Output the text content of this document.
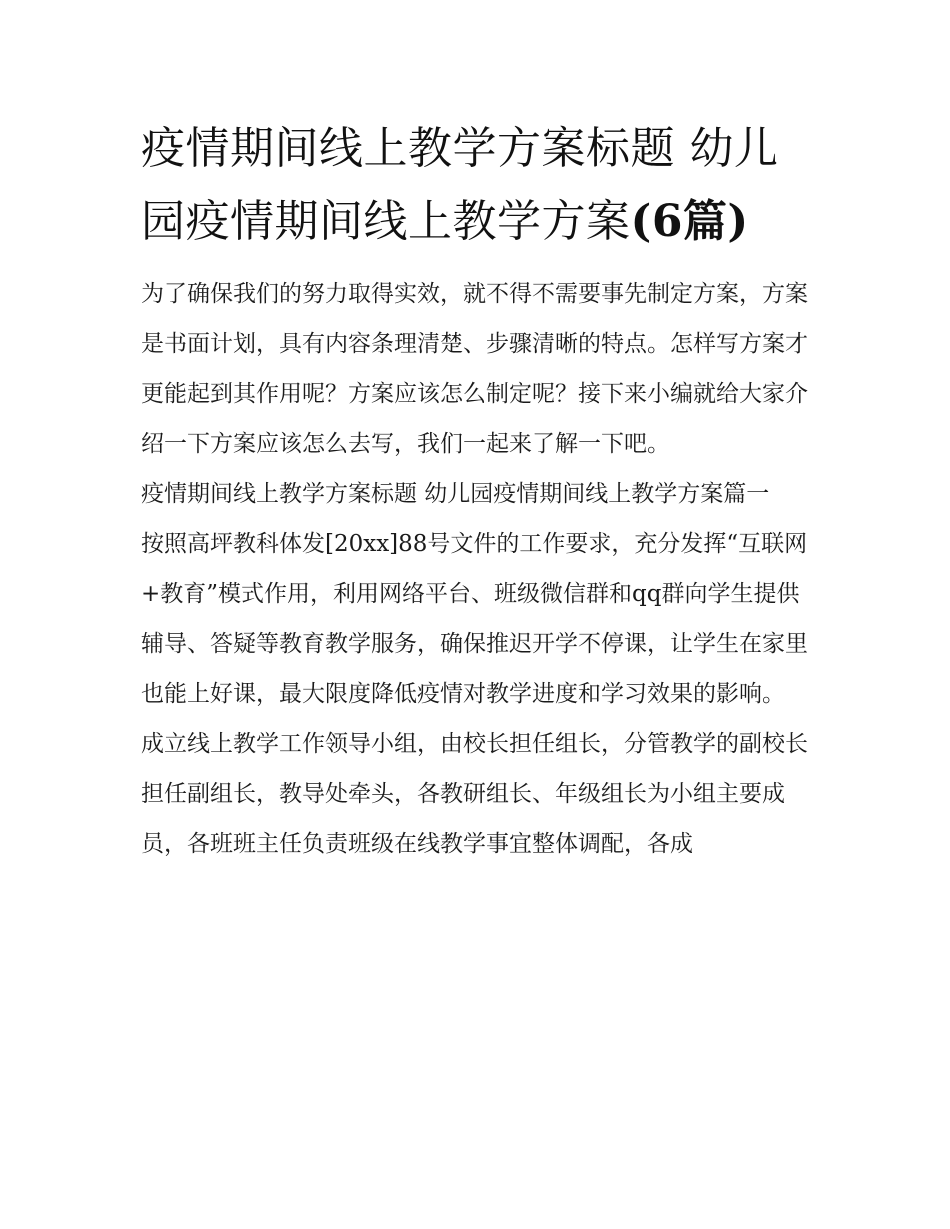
疫情期间线上教学方案标题 幼儿园疫情期间线上教学方案(6篇)

为了确保我们的努力取得实效，就不得不需要事先制定方案，方案是书面计划，具有内容条理清楚、步骤清晰的特点。怎样写方案才更能起到其作用呢？方案应该怎么制定呢？接下来小编就给大家介绍一下方案应该怎么去写，我们一起来了解一下吧。

疫情期间线上教学方案标题 幼儿园疫情期间线上教学方案篇一

按照高坪教科体发[20xx]88号文件的工作要求，充分发挥“互联网+教育”模式作用，利用网络平台、班级微信群和qq群向学生提供辅导、答疑等教育教学服务，确保推迟开学不停课，让学生在家里也能上好课，最大限度降低疫情对教学进度和学习效果的影响。

成立线上教学工作领导小组，由校长担任组长，分管教学的副校长担任副组长，教导处牵头，各教研组长、年级组长为小组主要成员，各班班主任负责班级在线教学事宜整体调配，各成
